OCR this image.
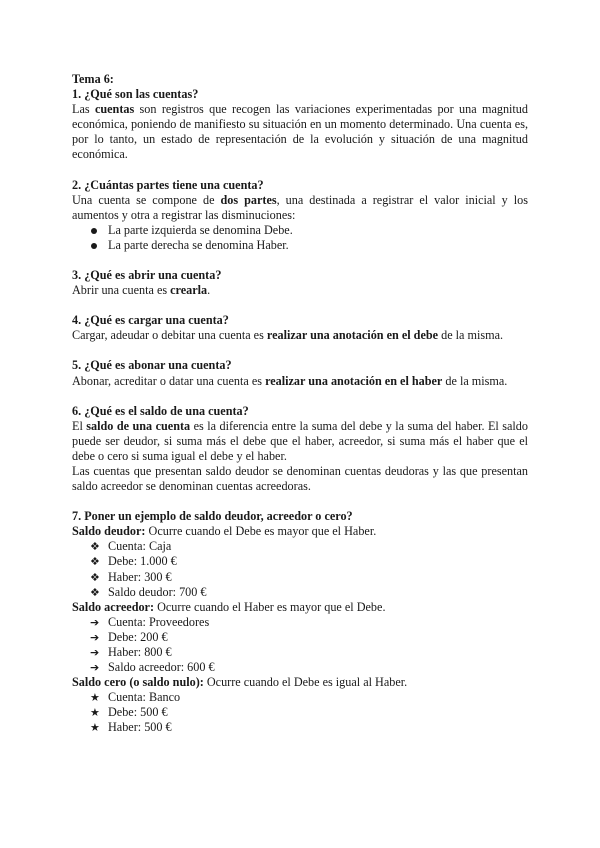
Tema 6:

1. ¿Qué son las cuentas?

Las cuentas son registros que recogen las variaciones experimentadas por una magnitud económica, poniendo de manifiesto su situación en un momento determinado. Una cuenta es, por lo tanto, un estado de representación de la evolución y situación de una magnitud económica.

2. ¿Cuántas partes tiene una cuenta?

Una cuenta se compone de dos partes, una destinada a registrar el valor inicial y los aumentos y otra a registrar las disminuciones:

La parte izquierda se denomina Debe.
La parte derecha se denomina Haber.

3. ¿Qué es abrir una cuenta?

Abrir una cuenta es crearla.

4. ¿Qué es cargar una cuenta?

Cargar, adeudar o debitar una cuenta es realizar una anotación en el debe de la misma.

5. ¿Qué es abonar una cuenta?

Abonar, acreditar o datar una cuenta es realizar una anotación en el haber de la misma.

6. ¿Qué es el saldo de una cuenta?

El saldo de una cuenta es la diferencia entre la suma del debe y la suma del haber. El saldo puede ser deudor, si suma más el debe que el haber, acreedor, si suma más el haber que el debe o cero si suma igual el debe y el haber.

Las cuentas que presentan saldo deudor se denominan cuentas deudoras y las que presentan saldo acreedor se denominan cuentas acreedoras.

7. Poner un ejemplo de saldo deudor, acreedor o cero?

Saldo deudor: Ocurre cuando el Debe es mayor que el Haber.

❖ Cuenta: Caja
❖ Debe: 1.000 €
❖ Haber: 300 €
❖ Saldo deudor: 700 €

Saldo acreedor: Ocurre cuando el Haber es mayor que el Debe.

➔ Cuenta: Proveedores
➔ Debe: 200 €
➔ Haber: 800 €
➔ Saldo acreedor: 600 €

Saldo cero (o saldo nulo): Ocurre cuando el Debe es igual al Haber.

★ Cuenta: Banco
★ Debe: 500 €
★ Haber: 500 €
